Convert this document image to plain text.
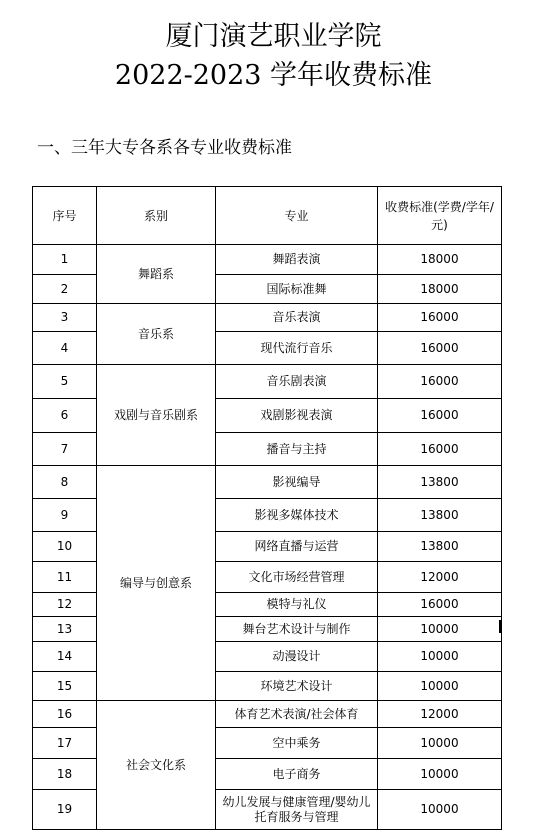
厦门演艺职业学院
2022-2023 学年收费标准
一、三年大专各系各专业收费标准
序号	系别	专业	收费标准(学费/学年/元)
1	舞蹈系	舞蹈表演	18000
2		国际标准舞	18000
3	音乐系	音乐表演	16000
4		现代流行音乐	16000
5	戏剧与音乐剧系	音乐剧表演	16000
6		戏剧影视表演	16000
7		播音与主持	16000
8	编导与创意系	影视编导	13800
9		影视多媒体技术	13800
10		网络直播与运营	13800
11		文化市场经营管理	12000
12		模特与礼仪	16000
13		舞台艺术设计与制作	10000
14		动漫设计	10000
15		环境艺术设计	10000
16	社会文化系	体育艺术表演/社会体育	12000
17		空中乘务	10000
18		电子商务	10000
19		幼儿发展与健康管理/婴幼儿托育服务与管理	10000
